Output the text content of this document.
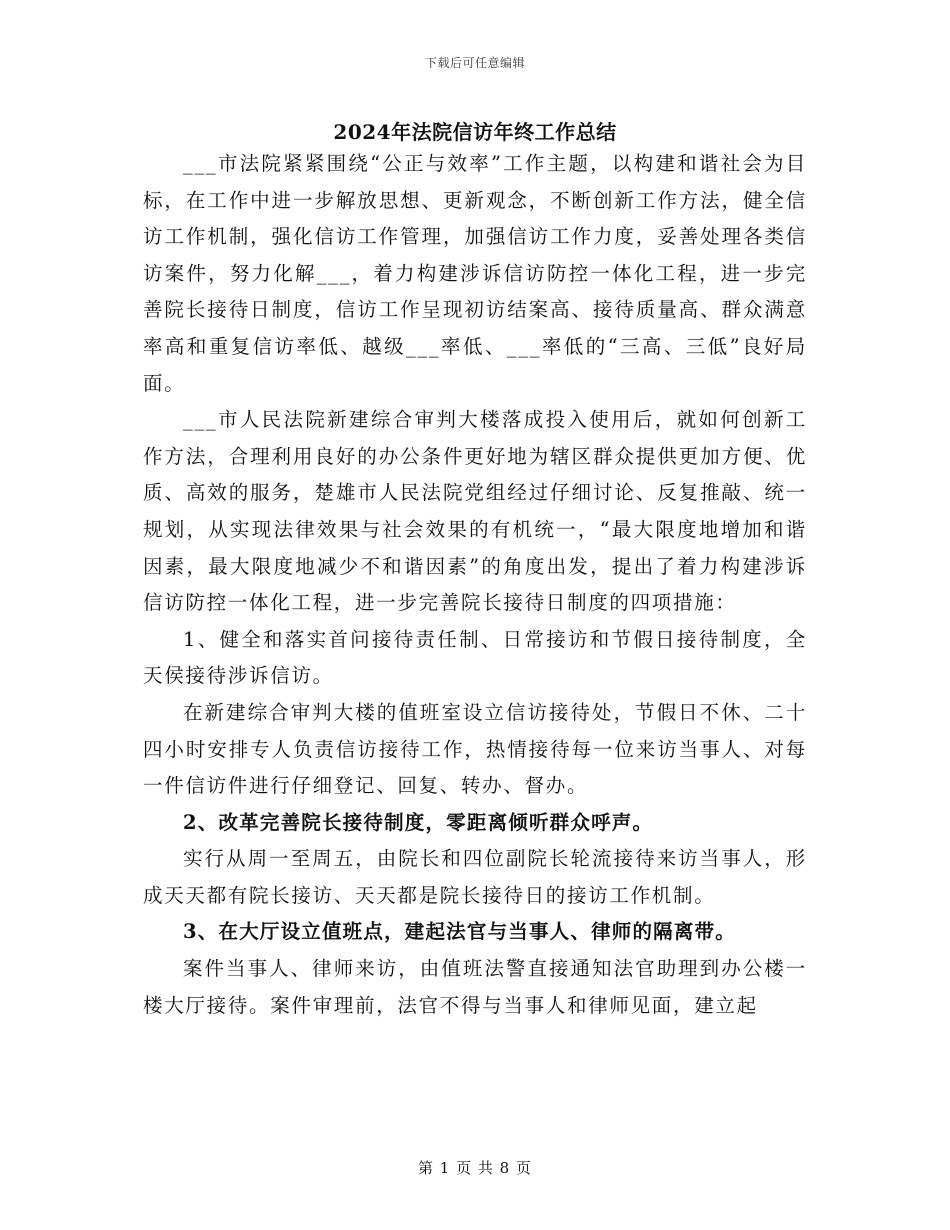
下载后可任意编辑
2024年法院信访年终工作总结

___市法院紧紧围绕“公正与效率”工作主题，以构建和谐社会为目标，在工作中进一步解放思想、更新观念，不断创新工作方法，健全信访工作机制，强化信访工作管理，加强信访工作力度，妥善处理各类信访案件，努力化解___，着力构建涉诉信访防控一体化工程，进一步完善院长接待日制度，信访工作呈现初访结案高、接待质量高、群众满意率高和重复信访率低、越级___率低、___率低的“三高、三低”良好局面。

___市人民法院新建综合审判大楼落成投入使用后，就如何创新工作方法，合理利用良好的办公条件更好地为辖区群众提供更加方便、优质、高效的服务，楚雄市人民法院党组经过仔细讨论、反复推敲、统一规划，从实现法律效果与社会效果的有机统一，“最大限度地增加和谐因素，最大限度地减少不和谐因素”的角度出发，提出了着力构建涉诉信访防控一体化工程，进一步完善院长接待日制度的四项措施：

1、健全和落实首问接待责任制、日常接访和节假日接待制度，全天侯接待涉诉信访。

在新建综合审判大楼的值班室设立信访接待处，节假日不休、二十四小时安排专人负责信访接待工作，热情接待每一位来访当事人、对每一件信访件进行仔细登记、回复、转办、督办。

2、改革完善院长接待制度，零距离倾听群众呼声。

实行从周一至周五，由院长和四位副院长轮流接待来访当事人，形成天天都有院长接访、天天都是院长接待日的接访工作机制。

3、在大厅设立值班点，建起法官与当事人、律师的隔离带。

案件当事人、律师来访，由值班法警直接通知法官助理到办公楼一楼大厅接待。案件审理前，法官不得与当事人和律师见面，建立起

第 1 页 共 8 页
